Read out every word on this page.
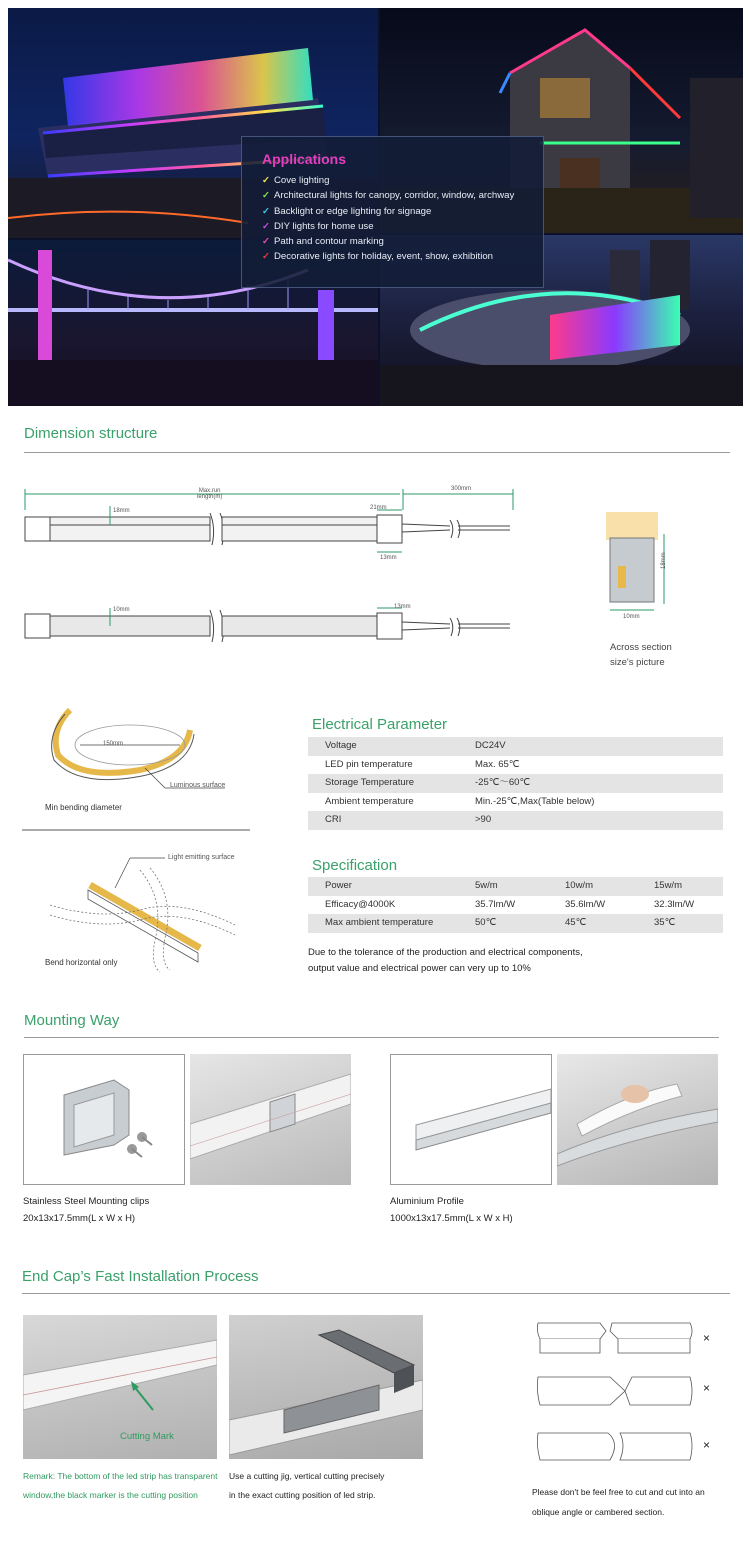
Applications
✓ Cove lighting
✓ Architectural lights for canopy, corridor, window, archway
✓ Backlight or edge lighting for signage
✓ DIY lights for home use
✓ Path and contour marking
✓ Decorative lights for holiday, event, show, exhibition
Dimension structure
Max.run
length(m)
300mm
18mm	21mm
13mm
10mm	13mm
18mm
10mm
Across section
size's picture
150mm
Luminous surface
Min bending diameter
Light emitting surface
Bend horizontal only
Electrical Parameter
Voltage	DC24V
LED pin temperature	Max. 65℃
Storage Temperature	-25℃～60℃
Ambient temperature	Min.-25℃,Max(Table below)
CRI	>90
Specification
Power	5w/m	10w/m	15w/m
Efficacy@4000K	35.7lm/W	35.6lm/W	32.3lm/W
Max ambient temperature	50℃	45℃	35℃
Due to the tolerance of the production and electrical components,
output value and electrical power can very up to 10%
Mounting Way
Stainless Steel Mounting clips
20x13x17.5mm(L x W x H)
Aluminium Profile
1000x13x17.5mm(L x W x H)
End Cap’s Fast Installation Process
Cutting Mark
Remark: The bottom of the led strip has transparent
window,the black marker is the cutting position
Use a cutting jig, vertical cutting precisely
in the exact cutting position of led strip.
×
×
×
Please don't be feel free to cut and cut into an
oblique angle or cambered section.
